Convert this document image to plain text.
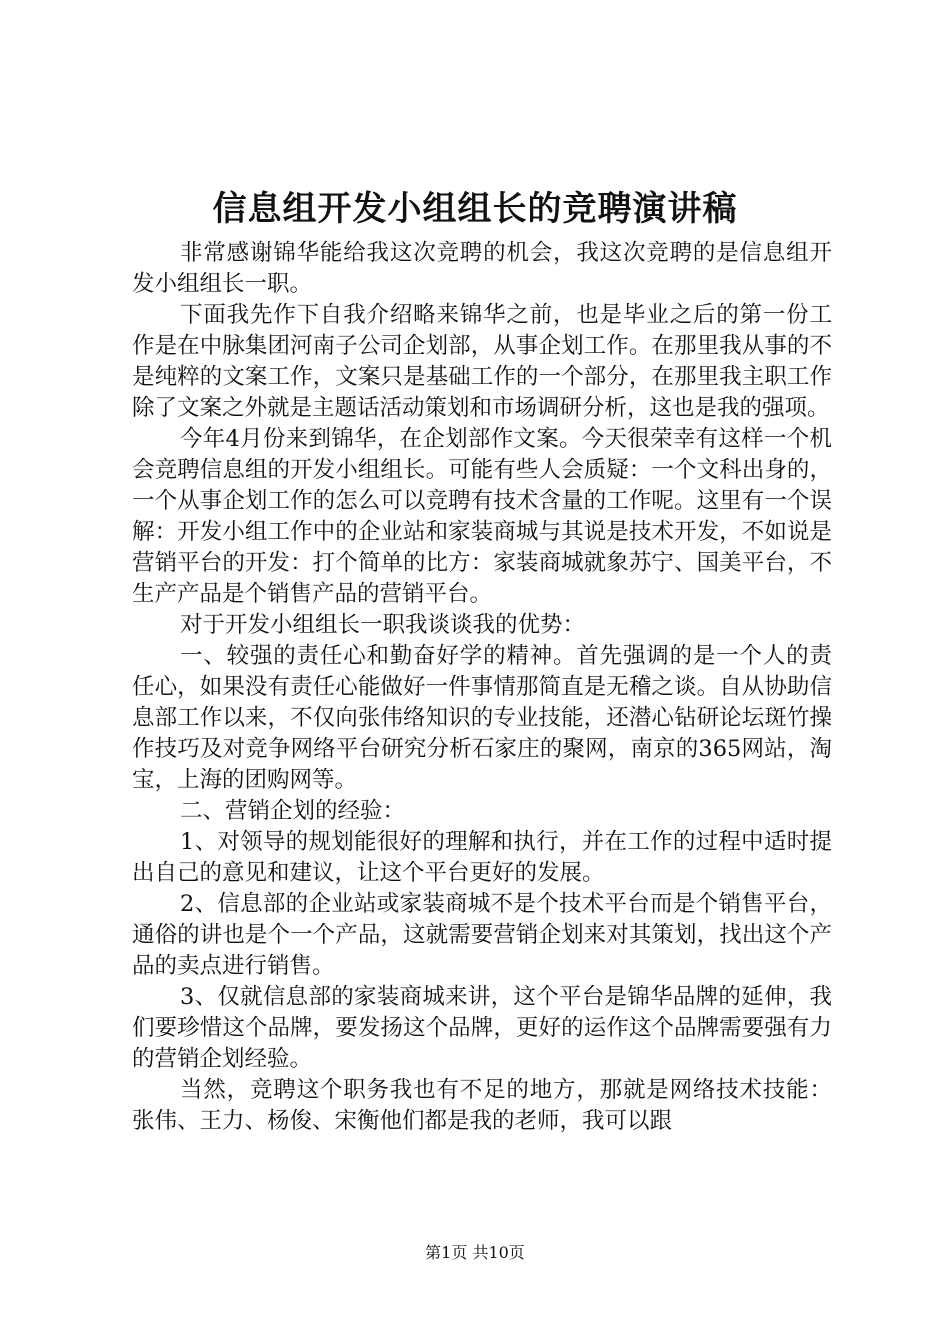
信息组开发小组组长的竞聘演讲稿

非常感谢锦华能给我这次竞聘的机会，我这次竞聘的是信息组开发小组组长一职。

下面我先作下自我介绍略来锦华之前，也是毕业之后的第一份工作是在中脉集团河南子公司企划部，从事企划工作。在那里我从事的不是纯粹的文案工作，文案只是基础工作的一个部分，在那里我主职工作除了文案之外就是主题话活动策划和市场调研分析，这也是我的强项。

今年4月份来到锦华，在企划部作文案。今天很荣幸有这样一个机会竞聘信息组的开发小组组长。可能有些人会质疑：一个文科出身的，一个从事企划工作的怎么可以竞聘有技术含量的工作呢。这里有一个误解：开发小组工作中的企业站和家装商城与其说是技术开发，不如说是营销平台的开发：打个简单的比方：家装商城就象苏宁、国美平台，不生产产品是个销售产品的营销平台。

对于开发小组组长一职我谈谈我的优势：

一、较强的责任心和勤奋好学的精神。首先强调的是一个人的责任心，如果没有责任心能做好一件事情那简直是无稽之谈。自从协助信息部工作以来，不仅向张伟络知识的专业技能，还潜心钻研论坛斑竹操作技巧及对竞争网络平台研究分析石家庄的聚网，南京的365网站，淘宝，上海的团购网等。

二、营销企划的经验：

1、对领导的规划能很好的理解和执行，并在工作的过程中适时提出自己的意见和建议，让这个平台更好的发展。

2、信息部的企业站或家装商城不是个技术平台而是个销售平台，通俗的讲也是个一个产品，这就需要营销企划来对其策划，找出这个产品的卖点进行销售。

3、仅就信息部的家装商城来讲，这个平台是锦华品牌的延伸，我们要珍惜这个品牌，要发扬这个品牌，更好的运作这个品牌需要强有力的营销企划经验。

当然，竞聘这个职务我也有不足的地方，那就是网络技术技能：张伟、王力、杨俊、宋衡他们都是我的老师，我可以跟

第1页 共10页
